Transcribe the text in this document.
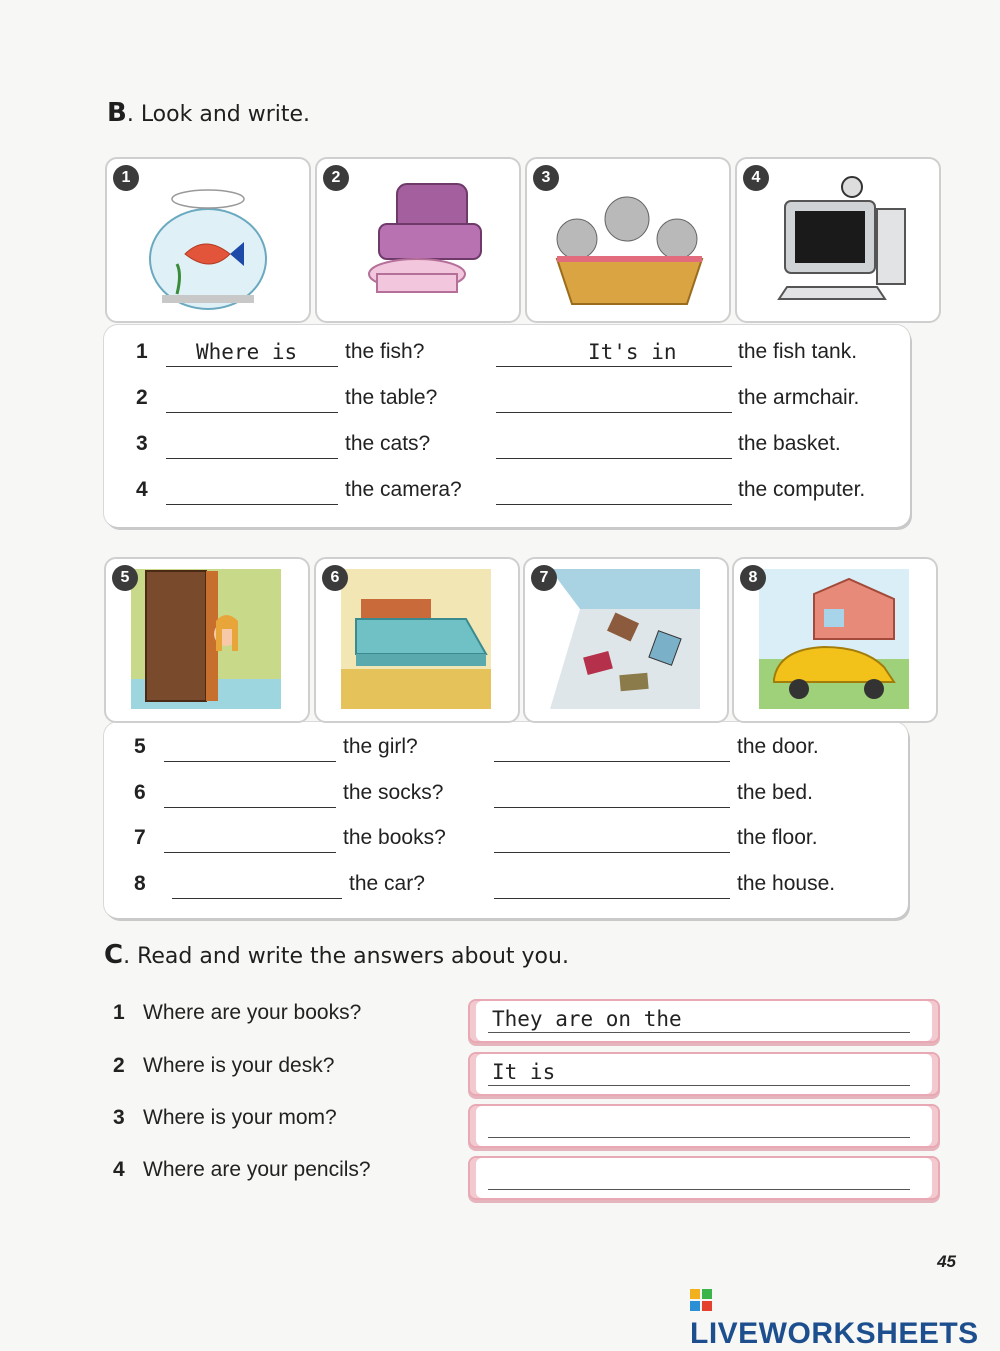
B. Look and write.
1	2	3	4
1 Where is the fish?	It's in	the fish tank.
2	the table?	the armchair.
3	the cats?	the basket.
4	the camera?	the computer.
5	6	7	8
5	the girl?	the door.
6	the socks?	the bed.
7	the books?	the floor.
8	the car?	the house.
C. Read and write the answers about you.
1 Where are your books?	They are on the
2 Where is your desk?	It is
3 Where is your mom?
4 Where are your pencils?
45
LIVEWORKSHEETS
